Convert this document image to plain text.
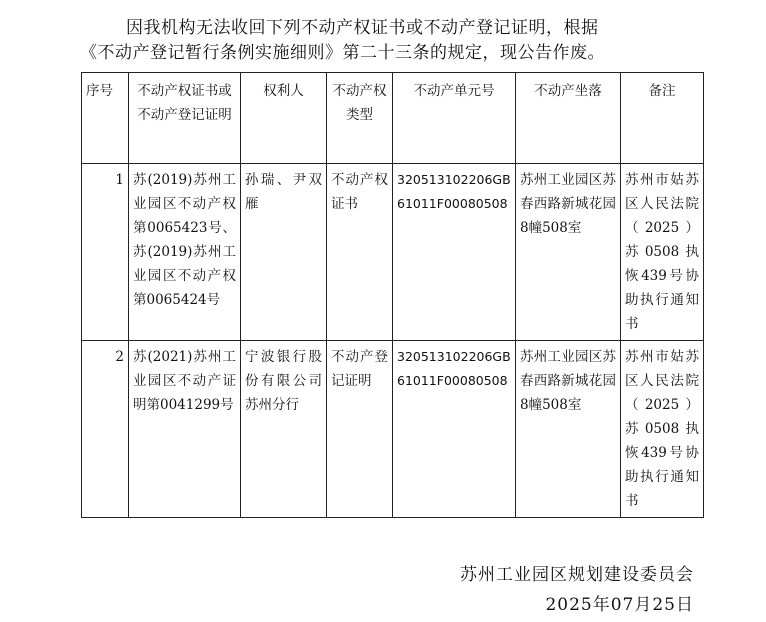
因我机构无法收回下列不动产权证书或不动产登记证明，根据
《不动产登记暂行条例实施细则》第二十三条的规定，现公告作废。
序号	不动产权证书或不动产登记证明	权利人	不动产权类型	不动产单元号	不动产坐落	备注
1	苏(2019)苏州工业园区不动产权第0065423号、苏(2019)苏州工业园区不动产权第0065424号	孙瑞、尹双雁	不动产权证书	320513102206GB61011F00080508	苏州工业园区苏春西路新城花园8幢508室	苏州市姑苏区人民法院（2025）苏0508执恢439号协助执行通知书
2	苏(2021)苏州工业园区不动产证明第0041299号	宁波银行股份有限公司苏州分行	不动产登记证明	320513102206GB61011F00080508	苏州工业园区苏春西路新城花园8幢508室	苏州市姑苏区人民法院（2025）苏0508执恢439号协助执行通知书
苏州工业园区规划建设委员会
2025年07月25日
